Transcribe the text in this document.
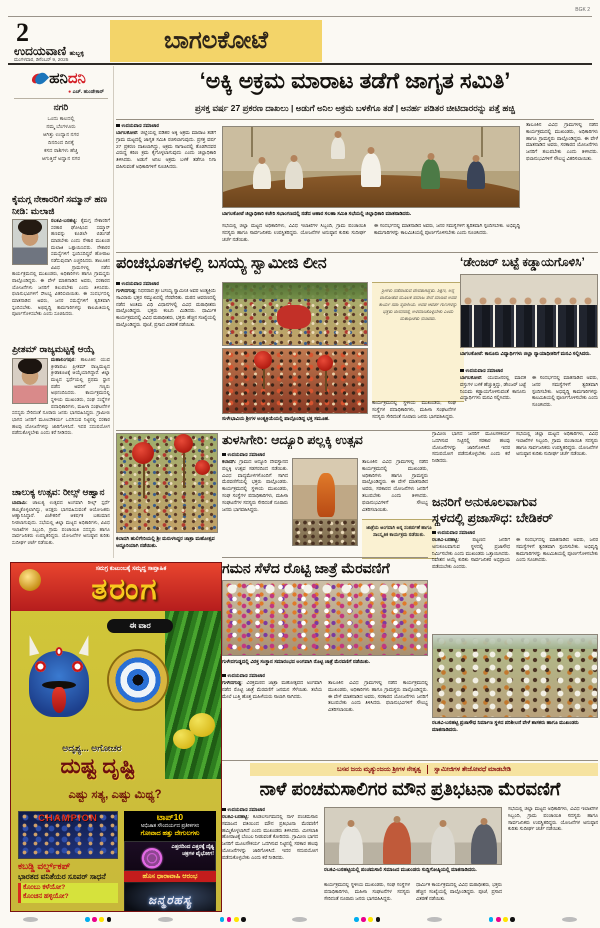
BGK 2
2
ಉದಯವಾಣಿ ಹುಬ್ಬಳ್ಳಿ
ಮಂಗಳವಾರ, ಡಿಸೆಂಬರ್ 9, 2025
ಬಾಗಲಕೋಟೆ
ಹನಿದನಿ
● ಎಚ್. ಹುಂಡೇಕಾರ್
ನಗರಿ
ಒಂದು ಕಾಲದಲ್ಲಿ
ನಮ್ಮ ಬೆಂಗಳೂರು
ಆಗಿತ್ತು ಉದ್ಯಾನ ನಗರ
ದಿನದಿಂದ ದಿನಕ್ಕೆ
ಕಸದ ರಾಶಿಗಳು ಹೆಚ್ಚಿ
ಆಗುತ್ತಿದೆ ಅಧ್ವಾನ ನಗರ
‘ಅಕ್ಕಿ ಅಕ್ರಮ ಮಾರಾಟ ತಡೆಗೆ ಜಾಗೃತ ಸಮಿತಿ’
ಪ್ರಸಕ್ತ ವರ್ಷ 27 ಪ್ರಕರಣ ದಾಖಲು | ಅಡುಗೆ ಅನಿಲ ಅಕ್ರಮ ಬಳಕೆಗೂ ತಡೆ | ಅನರ್ಹ ಪಡಿತರ ಚೀಟಿದಾರರನ್ನು ಪತ್ತೆ ಹಚ್ಚಿ
ಉದಯವಾಣಿ ಸಮಾಚಾರ
ಬಾಗಲಕೋಟೆ: ಜಿಲ್ಲೆಯಲ್ಲಿ ಪಡಿತರ ಅಕ್ಕಿ ಅಕ್ರಮ ಮಾರಾಟ ತಡೆಗೆ ಗ್ರಾಮ ಮಟ್ಟದಲ್ಲಿ ಜಾಗೃತ ಸಮಿತಿ ರಚಿಸಲಾಗುವುದು. ಪ್ರಸಕ್ತ ವರ್ಷ 27 ಪ್ರಕರಣ ದಾಖಲಾಗಿದ್ದು, ಅಕ್ರಮ ಸಾಗಾಟದಲ್ಲಿ ತೊಡಗಿದವರ ವಿರುದ್ಧ ಕಠಿಣ ಕ್ರಮ ಕೈಗೊಳ್ಳಲಾಗುವುದು ಎಂದು ಜಿಲ್ಲಾಧಿಕಾರಿ ತಿಳಿಸಿದರು. ಅಡುಗೆ ಅನಿಲ ಅಕ್ರಮ ಬಳಕೆ ತಡೆಗೂ ನಿಗಾ ವಹಿಸುವಂತೆ ಅಧಿಕಾರಿಗಳಿಗೆ ಸೂಚಿಸಿದರು.
ಬಾಗಲಕೋಟೆ ಜಿಲ್ಲಾಧಿಕಾರಿ ಕಚೇರಿ ಸಭಾಂಗಣದಲ್ಲಿ ನಡೆದ ಆಹಾರ ಸಲಹಾ ಸಮಿತಿ ಸಭೆಯಲ್ಲಿ ಜಿಲ್ಲಾಧಿಕಾರಿ ಮಾತನಾಡಿದರು.
ಸಭೆಯಲ್ಲಿ ಜಿಲ್ಲಾ ಮಟ್ಟದ ಅಧಿಕಾರಿಗಳು, ವಿವಿಧ ಇಲಾಖೆಗಳ ಸಿಬ್ಬಂದಿ, ಗ್ರಾಮ ಪಂಚಾಯಿತಿ ಸದಸ್ಯರು ಹಾಗೂ ಸಾರ್ವಜನಿಕರು ಉಪಸ್ಥಿತರಿದ್ದರು. ಯೋಜನೆಗಳ ಅನುಷ್ಠಾನ ಕುರಿತು ಸುದೀರ್ಘ ಚರ್ಚೆ ನಡೆಯಿತು.
ಈ ಸಂದರ್ಭದಲ್ಲಿ ಮಾತನಾಡಿದ ಅವರು, ಜನರ ಸಮಸ್ಯೆಗಳಿಗೆ ತ್ವರಿತವಾಗಿ ಸ್ಪಂದಿಸಬೇಕು. ಅಭಿವೃದ್ಧಿ ಕಾಮಗಾರಿಗಳನ್ನು ಕಾಲಮಿತಿಯಲ್ಲಿ ಪೂರ್ಣಗೊಳಿಸಬೇಕು ಎಂದು ಸೂಚಿಸಿದರು.
ತಾಲೂಕಿನ ವಿವಿಧ ಗ್ರಾಮಗಳಲ್ಲಿ ನಡೆದ ಕಾರ್ಯಕ್ರಮದಲ್ಲಿ ಮುಖಂಡರು, ಅಧಿಕಾರಿಗಳು ಹಾಗೂ ಗ್ರಾಮಸ್ಥರು ಪಾಲ್ಗೊಂಡಿದ್ದರು. ಈ ವೇಳೆ ಮಾತನಾಡಿದ ಅವರು, ಸರಕಾರದ ಯೋಜನೆಗಳು ಜನರಿಗೆ ತಲುಪಬೇಕು ಎಂದು ತಿಳಿಸಿದರು. ಫಲಾನುಭವಿಗಳಿಗೆ ಸೌಲಭ್ಯ ವಿತರಿಸಲಾಯಿತು.
ಪಂಚಭೂತಗಳಲ್ಲಿ ಬಸಯ್ಯ ಸ್ವಾಮೀಜಿ ಲೀನ
ಉದಯವಾಣಿ ಸಮಾಚಾರ
ಗುಳೇದಗುಡ್ಡ: ನಿಧನರಾದ ಶ್ರೀ ಬಸಯ್ಯ ಸ್ವಾಮೀಜಿ ಅವರ ಅಂತ್ಯಕ್ರಿಯೆ ಸಾವಿರಾರು ಭಕ್ತರ ಸಮ್ಮುಖದಲ್ಲಿ ನೆರವೇರಿತು. ಮಠದ ಆವರಣದಲ್ಲಿ ನಡೆದ ಅಂತಿಮ ವಿಧಿ ವಿಧಾನಗಳಲ್ಲಿ ವಿವಿಧ ಮಠಾಧೀಶರು ಪಾಲ್ಗೊಂಡಿದ್ದರು. ಭಕ್ತರು ಕಂಬನಿ ಮಿಡಿದರು. ಧಾರ್ಮಿಕ ಕಾರ್ಯಕ್ರಮದಲ್ಲಿ ವಿವಿಧ ಮಠಾಧೀಶರು, ಭಕ್ತರು ಹೆಚ್ಚಿನ ಸಂಖ್ಯೆಯಲ್ಲಿ ಪಾಲ್ಗೊಂಡಿದ್ದರು. ಪೂಜೆ, ಪ್ರಸಾದ ವಿತರಣೆ ನಡೆಯಿತು.
ಸುಳೇಭಾವಿಯ ಶ್ರೀಗಳ ಅಂತ್ಯಕ್ರಿಯೆಯಲ್ಲಿ ಪಾಲ್ಗೊಂಡಿದ್ದ ಭಕ್ತ ಸಮೂಹ.
ಶ್ರೀಗಳು ನಡೆದಾಡುವ ದೇವರಾಗಿದ್ದರು. ಶಿಕ್ಷಣ, ಅನ್ನ ದಾಸೋಹದ ಮೂಲಕ ಸಮಾಜ ಸೇವೆ ಮಾಡಿದ ಅವರ ಕಾರ್ಯ ಸದಾ ಸ್ಮರಣೀಯ. ಅವರ ಆದರ್ಶ ಗುಣಗಳನ್ನು ಭಕ್ತರು ಜೀವನದಲ್ಲಿ ಅಳವಡಿಸಿಕೊಳ್ಳಬೇಕು ಎಂದು ಮಠಾಧೀಶರು ನುಡಿದರು.
ಕಾರ್ಯಕ್ರಮದಲ್ಲಿ ಸ್ಥಳೀಯ ಮುಖಂಡರು, ಸಂಘ ಸಂಸ್ಥೆಗಳ ಪದಾಧಿಕಾರಿಗಳು, ಮಹಿಳಾ ಸಂಘಟನೆಗಳ ಸದಸ್ಯರು ಸೇರಿದಂತೆ ನೂರಾರು ಜನರು ಭಾಗವಹಿಸಿದ್ದರು.
‘ಡೇಂಜರ್ ಬಟ್ಟೆ ಕಡ್ಡಾಯಗೊಳಿಸಿ’
ಬಾಗಲಕೋಟೆ: ಕಾನೂನು ವಿದ್ಯಾರ್ಥಿಗಳು ಜಿಲ್ಲಾ ನ್ಯಾಯಾಧೀಶರಿಗೆ ಮನವಿ ಸಲ್ಲಿಸಿದರು.
ಉದಯವಾಣಿ ಸಮಾಚಾರ
ಬಾಗಲಕೋಟೆ: ಯುವಜನರಲ್ಲಿ ಮಾದಕ ವಸ್ತುಗಳ ಬಳಕೆ ಹೆಚ್ಚುತ್ತಿದ್ದು, ಡೇಂಜರ್ ಬಟ್ಟೆ ನಿಯಮ ಕಡ್ಡಾಯಗೊಳಿಸುವಂತೆ ಕಾನೂನು ವಿದ್ಯಾರ್ಥಿಗಳು ಮನವಿ ಸಲ್ಲಿಸಿದರು.
ಈ ಸಂದರ್ಭದಲ್ಲಿ ಮಾತನಾಡಿದ ಅವರು, ಜನರ ಸಮಸ್ಯೆಗಳಿಗೆ ತ್ವರಿತವಾಗಿ ಸ್ಪಂದಿಸಬೇಕು. ಅಭಿವೃದ್ಧಿ ಕಾಮಗಾರಿಗಳನ್ನು ಕಾಲಮಿತಿಯಲ್ಲಿ ಪೂರ್ಣಗೊಳಿಸಬೇಕು ಎಂದು ಸೂಚಿಸಿದರು.
ಕಲಾದಗಿ ಹುಲಿಗೇರಿಯಲ್ಲಿ ಶ್ರೀ ಮರುಳಸಿದ್ಧರ ಜಾತ್ರಾ ಮಹೋತ್ಸವ ಅದ್ಧೂರಿಯಾಗಿ ನಡೆಯಿತು.
ತುಳಸಿಗೇರಿ: ಆದ್ಯೂರಿ ಪಲ್ಲಕ್ಕಿ ಉತ್ಸವ
ಉದಯವಾಣಿ ಸಮಾಚಾರ
ಕಲಾದಗಿ: ಗ್ರಾಮದ ಆದ್ಯೂರಿ ದೇವಸ್ಥಾನದ ಪಲ್ಲಕ್ಕಿ ಉತ್ಸವ ಸಡಗರದಿಂದ ನಡೆಯಿತು. ವಿವಿಧ ವಾದ್ಯಮೇಳಗಳೊಂದಿಗೆ ಸಾಗಿದ ಮೆರವಣಿಗೆಯಲ್ಲಿ ಭಕ್ತರು ಪಾಲ್ಗೊಂಡರು. ಕಾರ್ಯಕ್ರಮದಲ್ಲಿ ಸ್ಥಳೀಯ ಮುಖಂಡರು, ಸಂಘ ಸಂಸ್ಥೆಗಳ ಪದಾಧಿಕಾರಿಗಳು, ಮಹಿಳಾ ಸಂಘಟನೆಗಳ ಸದಸ್ಯರು ಸೇರಿದಂತೆ ನೂರಾರು ಜನರು ಭಾಗವಹಿಸಿದ್ದರು.
ತಾಲೂಕಿನ ವಿವಿಧ ಗ್ರಾಮಗಳಲ್ಲಿ ನಡೆದ ಕಾರ್ಯಕ್ರಮದಲ್ಲಿ ಮುಖಂಡರು, ಅಧಿಕಾರಿಗಳು ಹಾಗೂ ಗ್ರಾಮಸ್ಥರು ಪಾಲ್ಗೊಂಡಿದ್ದರು. ಈ ವೇಳೆ ಮಾತನಾಡಿದ ಅವರು, ಸರಕಾರದ ಯೋಜನೆಗಳು ಜನರಿಗೆ ತಲುಪಬೇಕು ಎಂದು ತಿಳಿಸಿದರು. ಫಲಾನುಭವಿಗಳಿಗೆ ಸೌಲಭ್ಯ ವಿತರಿಸಲಾಯಿತು.
ಜಾತ್ರೆಯ ಅಂಗವಾಗಿ ಅನ್ನ ಸಂತರ್ಪಣೆ ಹಾಗೂ ಸಾಂಸ್ಕೃತಿಕ ಕಾರ್ಯಕ್ರಮ ನಡೆಯಿತು.
ಗ್ರಾಮೀಣ ಭಾಗದ ಜನರಿಗೆ ಮೂಲಸೌಕರ್ಯ ಒದಗಿಸುವ ನಿಟ್ಟಿನಲ್ಲಿ ಸರಕಾರ ಹಲವು ಯೋಜನೆಗಳನ್ನು ಜಾರಿಗೊಳಿಸಿದೆ. ಇದರ ಸದುಪಯೋಗ ಪಡೆದುಕೊಳ್ಳಬೇಕು ಎಂದು ಕರೆ ನೀಡಿದರು.
ಸಭೆಯಲ್ಲಿ ಜಿಲ್ಲಾ ಮಟ್ಟದ ಅಧಿಕಾರಿಗಳು, ವಿವಿಧ ಇಲಾಖೆಗಳ ಸಿಬ್ಬಂದಿ, ಗ್ರಾಮ ಪಂಚಾಯಿತಿ ಸದಸ್ಯರು ಹಾಗೂ ಸಾರ್ವಜನಿಕರು ಉಪಸ್ಥಿತರಿದ್ದರು. ಯೋಜನೆಗಳ ಅನುಷ್ಠಾನ ಕುರಿತು ಸುದೀರ್ಘ ಚರ್ಚೆ ನಡೆಯಿತು.
ಜನರಿಗೆ ಅನುಕೂಲವಾಗುವ
ಸ್ಥಳದಲ್ಲಿ ಪ್ರಜಾಸೌಧ: ಬೇಡಿಕರ್
ಉದಯವಾಣಿ ಸಮಾಚಾರ
ರಬಕವಿ-ಬನಹಟ್ಟಿ:	ಪಟ್ಟಣದ ಜನರಿಗೆ ಅನುಕೂಲವಾಗುವ ಸ್ಥಳದಲ್ಲಿ ಪ್ರಜಾಸೌಧ ನಿರ್ಮಿಸಬೇಕು ಎಂದು ಮುಖಂಡರು ಒತ್ತಾಯಿಸಿದರು. ನಿವೇಶನ ಆಯ್ಕೆ ಕುರಿತು ಸಾರ್ವಜನಿಕರ ಅಭಿಪ್ರಾಯ ಪಡೆಯಬೇಕು ಎಂದರು.
ಈ ಸಂದರ್ಭದಲ್ಲಿ ಮಾತನಾಡಿದ ಅವರು, ಜನರ ಸಮಸ್ಯೆಗಳಿಗೆ ತ್ವರಿತವಾಗಿ ಸ್ಪಂದಿಸಬೇಕು. ಅಭಿವೃದ್ಧಿ ಕಾಮಗಾರಿಗಳನ್ನು ಕಾಲಮಿತಿಯಲ್ಲಿ ಪೂರ್ಣಗೊಳಿಸಬೇಕು ಎಂದು ಸೂಚಿಸಿದರು.
ರಬಕವಿ-ಬನಹಟ್ಟಿ ಪ್ರಜಾಸೌಧ ನಿರ್ಮಾಣ ಸ್ಥಳದ ಪರಿಶೀಲನೆ ವೇಳೆ ಶಾಸಕರು ಹಾಗೂ ಮುಖಂಡರು ಮಾತನಾಡಿದರು.
ಗಮನ ಸೆಳೆದ ರೊಟ್ಟಿ ಜಾತ್ರೆ ಮೆರವಣಿಗೆ
ಗುಳೇದಗುಡ್ಡದಲ್ಲಿ ವಿರಕ್ತ ಸಂಸ್ಥಾನ ಸಮಾರಂಭದ ಅಂಗವಾಗಿ ರೊಟ್ಟಿ ಜಾತ್ರೆ ಮೆರವಣಿಗೆ ನಡೆಯಿತು.
ಉದಯವಾಣಿ ಸಮಾಚಾರ
ಗುಳೇದಗುಡ್ಡ: ವಿರಕ್ತಮಠದ ಜಾತ್ರಾ ಮಹೋತ್ಸವದ ಅಂಗವಾಗಿ ನಡೆದ ರೊಟ್ಟಿ ಜಾತ್ರೆ ಮೆರವಣಿಗೆ ಜನಮನ ಸೆಳೆಯಿತು. ತಲೆಯ ಮೇಲೆ ಬುತ್ತಿ ಹೊತ್ತ ಮಹಿಳೆಯರು ಸಾಲಾಗಿ ಸಾಗಿದರು.
ತಾಲೂಕಿನ ವಿವಿಧ ಗ್ರಾಮಗಳಲ್ಲಿ ನಡೆದ ಕಾರ್ಯಕ್ರಮದಲ್ಲಿ ಮುಖಂಡರು, ಅಧಿಕಾರಿಗಳು ಹಾಗೂ ಗ್ರಾಮಸ್ಥರು ಪಾಲ್ಗೊಂಡಿದ್ದರು. ಈ ವೇಳೆ ಮಾತನಾಡಿದ ಅವರು, ಸರಕಾರದ ಯೋಜನೆಗಳು ಜನರಿಗೆ ತಲುಪಬೇಕು ಎಂದು ತಿಳಿಸಿದರು. ಫಲಾನುಭವಿಗಳಿಗೆ ಸೌಲಭ್ಯ ವಿತರಿಸಲಾಯಿತು.
ಬಸವ ಜಯ ಮೃತ್ಯುಂಜಯ ಶ್ರೀಗಳ ನೇತೃತ್ವ ಸ್ವಾಮೀಜಿಗಳ ತೇಜೋವಧೆ ಮಾಡಬೇಡಿ
ನಾಳೆ ಪಂಚಮಸಾಲಿಗರ ಮೌನ ಪ್ರತಿಭಟನಾ ಮೆರವಣಿಗೆ
ಉದಯವಾಣಿ ಸಮಾಚಾರ
ರಬಕವಿ-ಬನಹಟ್ಟಿ: ಕೂಡಲಸಂಗಮದಲ್ಲಿ ನಾಳೆ ಪಂಚಮಸಾಲಿ ಸಮಾಜದ ವತಿಯಿಂದ ಮೌನ ಪ್ರತಿಭಟನಾ ಮೆರವಣಿಗೆ ಹಮ್ಮಿಕೊಳ್ಳಲಾಗಿದೆ ಎಂದು ಮುಖಂಡರು ತಿಳಿಸಿದರು. ಮೀಸಲಾತಿ ಹೋರಾಟಕ್ಕೆ ಬೆಂಬಲ ನೀಡುವಂತೆ ಕೋರಿದರು. ಗ್ರಾಮೀಣ ಭಾಗದ ಜನರಿಗೆ ಮೂಲಸೌಕರ್ಯ ಒದಗಿಸುವ ನಿಟ್ಟಿನಲ್ಲಿ ಸರಕಾರ ಹಲವು ಯೋಜನೆಗಳನ್ನು ಜಾರಿಗೊಳಿಸಿದೆ. ಇದರ ಸದುಪಯೋಗ ಪಡೆದುಕೊಳ್ಳಬೇಕು ಎಂದು ಕರೆ ನೀಡಿದರು.
ರಬಕವಿ-ಬನಹಟ್ಟಿಯಲ್ಲಿ ಪಂಚಮಸಾಲಿ ಸಮಾಜದ ಮುಖಂಡರು ಸುದ್ದಿಗೋಷ್ಠಿಯಲ್ಲಿ ಮಾತನಾಡಿದರು.
ಕಾರ್ಯಕ್ರಮದಲ್ಲಿ ಸ್ಥಳೀಯ ಮುಖಂಡರು, ಸಂಘ ಸಂಸ್ಥೆಗಳ ಪದಾಧಿಕಾರಿಗಳು, ಮಹಿಳಾ ಸಂಘಟನೆಗಳ ಸದಸ್ಯರು ಸೇರಿದಂತೆ ನೂರಾರು ಜನರು ಭಾಗವಹಿಸಿದ್ದರು.
ಧಾರ್ಮಿಕ ಕಾರ್ಯಕ್ರಮದಲ್ಲಿ ವಿವಿಧ ಮಠಾಧೀಶರು, ಭಕ್ತರು ಹೆಚ್ಚಿನ ಸಂಖ್ಯೆಯಲ್ಲಿ ಪಾಲ್ಗೊಂಡಿದ್ದರು. ಪೂಜೆ, ಪ್ರಸಾದ ವಿತರಣೆ ನಡೆಯಿತು.
ಸಭೆಯಲ್ಲಿ ಜಿಲ್ಲಾ ಮಟ್ಟದ ಅಧಿಕಾರಿಗಳು, ವಿವಿಧ ಇಲಾಖೆಗಳ ಸಿಬ್ಬಂದಿ, ಗ್ರಾಮ ಪಂಚಾಯಿತಿ ಸದಸ್ಯರು ಹಾಗೂ ಸಾರ್ವಜನಿಕರು ಉಪಸ್ಥಿತರಿದ್ದರು. ಯೋಜನೆಗಳ ಅನುಷ್ಠಾನ ಕುರಿತು ಸುದೀರ್ಘ ಚರ್ಚೆ ನಡೆಯಿತು.
ಕೈಮಗ್ಗ ನೇಕಾರರಿಗೆ ಸಮ್ಮಾನ್ ಹಣ ನೀಡಿ: ಮಲಾಜಿ
ರಬಕವಿ-ಬನಹಟ್ಟಿ: ಕೈಮಗ್ಗ ನೇಕಾರರಿಗೆ ಸರಕಾರ ಘೋಷಿಸಿದ ಸಮ್ಮಾನ್ ಹಣವನ್ನು ಕೂಡಲೇ ಬಿಡುಗಡೆ ಮಾಡಬೇಕು ಎಂದು ನೇಕಾರ ಮುಖಂಡ ಮಲಾಜಿ ಒತ್ತಾಯಿಸಿದರು. ನೇಕಾರರ ಸಮಸ್ಯೆಗಳಿಗೆ ಸ್ಪಂದಿಸದಿದ್ದರೆ ಹೋರಾಟ ನಡೆಸುವುದಾಗಿ ಎಚ್ಚರಿಸಿದರು. ತಾಲೂಕಿನ ವಿವಿಧ ಗ್ರಾಮಗಳಲ್ಲಿ ನಡೆದ ಕಾರ್ಯಕ್ರಮದಲ್ಲಿ ಮುಖಂಡರು, ಅಧಿಕಾರಿಗಳು ಹಾಗೂ ಗ್ರಾಮಸ್ಥರು ಪಾಲ್ಗೊಂಡಿದ್ದರು. ಈ ವೇಳೆ ಮಾತನಾಡಿದ ಅವರು, ಸರಕಾರದ ಯೋಜನೆಗಳು ಜನರಿಗೆ ತಲುಪಬೇಕು ಎಂದು ತಿಳಿಸಿದರು. ಫಲಾನುಭವಿಗಳಿಗೆ ಸೌಲಭ್ಯ ವಿತರಿಸಲಾಯಿತು. ಈ ಸಂದರ್ಭದಲ್ಲಿ ಮಾತನಾಡಿದ ಅವರು, ಜನರ ಸಮಸ್ಯೆಗಳಿಗೆ ತ್ವರಿತವಾಗಿ ಸ್ಪಂದಿಸಬೇಕು. ಅಭಿವೃದ್ಧಿ ಕಾಮಗಾರಿಗಳನ್ನು ಕಾಲಮಿತಿಯಲ್ಲಿ ಪೂರ್ಣಗೊಳಿಸಬೇಕು ಎಂದು ಸೂಚಿಸಿದರು.
ಪ್ರೀತಮ್ ರಾಜ್ಯಮಟ್ಟಕ್ಕೆ ಆಯ್ಕೆ
ಮಹಾಲಿಂಗಪುರ: ತಾಲೂಕಿನ ಯುವ ಕ್ರೀಡಾಪಟು ಪ್ರೀತಮ್ ರಾಜ್ಯಮಟ್ಟದ ಕ್ರೀಡಾಕೂಟಕ್ಕೆ ಆಯ್ಕೆಯಾಗಿದ್ದಾರೆ. ಜಿಲ್ಲಾ ಮಟ್ಟದ ಸ್ಪರ್ಧೆಯಲ್ಲಿ ಪ್ರಥಮ ಸ್ಥಾನ ಪಡೆದ ಅವರಿಗೆ ಗಣ್ಯರು ಅಭಿನಂದಿಸಿದರು. ಕಾರ್ಯಕ್ರಮದಲ್ಲಿ ಸ್ಥಳೀಯ ಮುಖಂಡರು, ಸಂಘ ಸಂಸ್ಥೆಗಳ ಪದಾಧಿಕಾರಿಗಳು, ಮಹಿಳಾ ಸಂಘಟನೆಗಳ ಸದಸ್ಯರು ಸೇರಿದಂತೆ ನೂರಾರು ಜನರು ಭಾಗವಹಿಸಿದ್ದರು. ಗ್ರಾಮೀಣ ಭಾಗದ ಜನರಿಗೆ ಮೂಲಸೌಕರ್ಯ ಒದಗಿಸುವ ನಿಟ್ಟಿನಲ್ಲಿ ಸರಕಾರ ಹಲವು ಯೋಜನೆಗಳನ್ನು ಜಾರಿಗೊಳಿಸಿದೆ. ಇದರ ಸದುಪಯೋಗ ಪಡೆದುಕೊಳ್ಳಬೇಕು ಎಂದು ಕರೆ ನೀಡಿದರು.
ಚಾಲುಕ್ಯ ಉತ್ಸವ: ರೀಲ್ಸ್ ಆಹ್ವಾನ
ಬಾದಾಮಿ: ಚಾಲುಕ್ಯ ಉತ್ಸವದ ಅಂಗವಾಗಿ ರೀಲ್ಸ್ ಸ್ಪರ್ಧೆ ಹಮ್ಮಿಕೊಳ್ಳಲಾಗಿದ್ದು, ಆಸಕ್ತರು ಭಾಗವಹಿಸುವಂತೆ ಆಯೋಜಕರು ಆಹ್ವಾನಿಸಿದ್ದಾರೆ. ವಿಜೇತರಿಗೆ ಆಕರ್ಷಕ ಬಹುಮಾನ ನೀಡಲಾಗುವುದು. ಸಭೆಯಲ್ಲಿ ಜಿಲ್ಲಾ ಮಟ್ಟದ ಅಧಿಕಾರಿಗಳು, ವಿವಿಧ ಇಲಾಖೆಗಳ ಸಿಬ್ಬಂದಿ, ಗ್ರಾಮ ಪಂಚಾಯಿತಿ ಸದಸ್ಯರು ಹಾಗೂ ಸಾರ್ವಜನಿಕರು ಉಪಸ್ಥಿತರಿದ್ದರು. ಯೋಜನೆಗಳ ಅನುಷ್ಠಾನ ಕುರಿತು ಸುದೀರ್ಘ ಚರ್ಚೆ ನಡೆಯಿತು.
ಸಮಗ್ರ ಕುಟುಂಬಕ್ಕೆ ಸಮೃದ್ಧ ಸಾಪ್ತಾಹಿಕ
ತರಂಗ
ಈ ವಾರ
ಅದೃಶ್ಯ... ಅಗೋಚರ
ದುಷ್ಟ ದೃಷ್ಟಿ
ಎಷ್ಟು ಸತ್ಯ, ಎಷ್ಟು ಮಿಥ್ಯ?
CHAMPION
ಕಬಡ್ಡಿ ವರ್ಲ್ಡ್‌ಕಪ್
ಭಾರತದ ವನಿತೆಯರ ಸೂಪರ್ ಸಾಧನೆ
ಕೊಂಬು ಕಳೆಯೋ?
ಕೊಂಚಿನ ಹಳ್ಳಿಯೋ?
ಟಾಪ್10
ಅಭಿಜಾತ ಸೌಂದರ್ಯದ ಪ್ರತೀಕಗಳು
ಗೋವಾದ ಹತ್ತು ದೇಗುಲಗಳು
ಎತ್ತರದಿಂದ ಎತ್ತರಕ್ಕೆ ದೈತ್ಯ ಚಕ್ರಗಳ ವೈಭೋಗ!
ಹೊಸ ಧಾರಾವಾಹಿ ಆರಂಭ
ಜನ್ಮರಹಸ್ಯ
